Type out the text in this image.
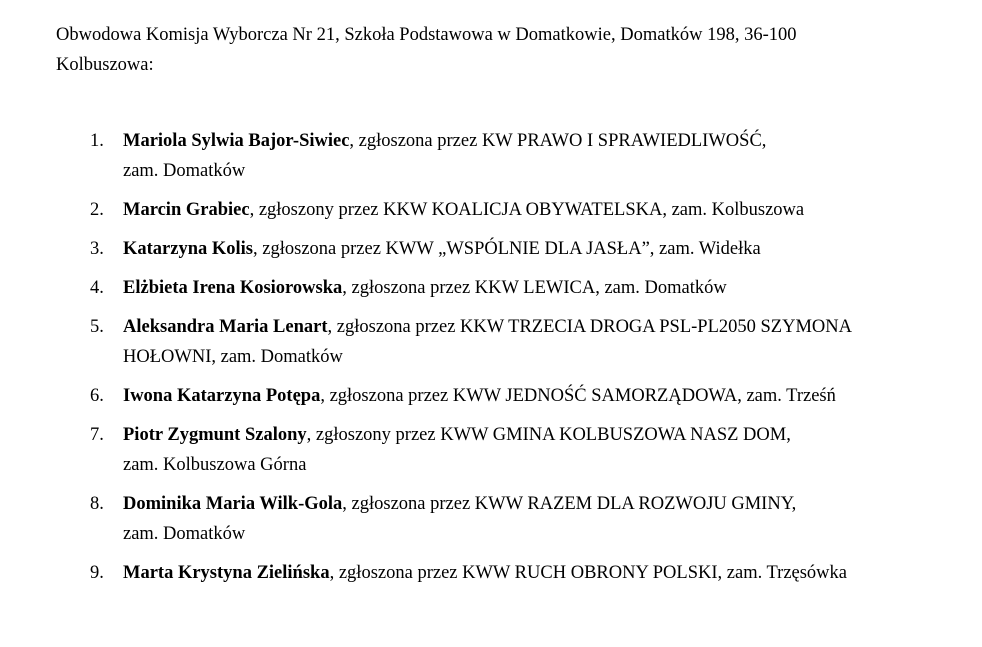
Obwodowa Komisja Wyborcza Nr 21, Szkoła Podstawowa w Domatkowie, Domatków 198, 36-100
Kolbuszowa:
1.	Mariola Sylwia Bajor-Siwiec, zgłoszona przez KW PRAWO I SPRAWIEDLIWOŚĆ,
zam. Domatków
2.	Marcin Grabiec, zgłoszony przez KKW KOALICJA OBYWATELSKA, zam. Kolbuszowa
3.	Katarzyna Kolis, zgłoszona przez KWW „WSPÓLNIE DLA JASŁA”, zam. Widełka
4.	Elżbieta Irena Kosiorowska, zgłoszona przez KKW LEWICA, zam. Domatków
5.	Aleksandra Maria Lenart, zgłoszona przez KKW TRZECIA DROGA PSL-PL2050 SZYMONA
HOŁOWNI, zam. Domatków
6.	Iwona Katarzyna Potępa, zgłoszona przez KWW JEDNOŚĆ SAMORZĄDOWA, zam. Trześń
7.	Piotr Zygmunt Szalony, zgłoszony przez KWW GMINA KOLBUSZOWA NASZ DOM,
zam. Kolbuszowa Górna
8.	Dominika Maria Wilk-Gola, zgłoszona przez KWW RAZEM DLA ROZWOJU GMINY,
zam. Domatków
9.	Marta Krystyna Zielińska, zgłoszona przez KWW RUCH OBRONY POLSKI, zam. Trzęsówka
